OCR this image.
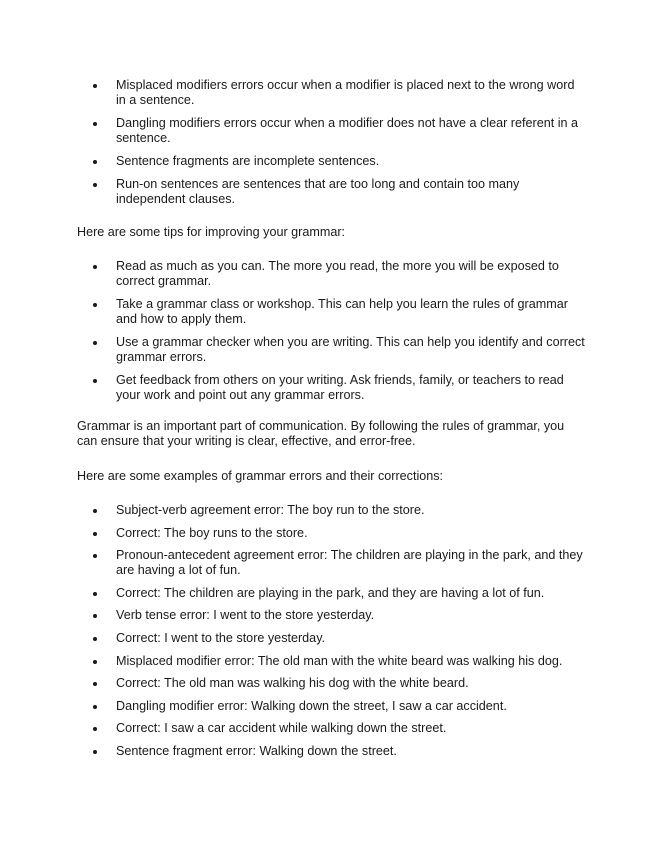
Misplaced modifiers errors occur when a modifier is placed next to the wrong word in a sentence.
Dangling modifiers errors occur when a modifier does not have a clear referent in a sentence.
Sentence fragments are incomplete sentences.
Run-on sentences are sentences that are too long and contain too many independent clauses.

Here are some tips for improving your grammar:

Read as much as you can. The more you read, the more you will be exposed to correct grammar.
Take a grammar class or workshop. This can help you learn the rules of grammar and how to apply them.
Use a grammar checker when you are writing. This can help you identify and correct grammar errors.
Get feedback from others on your writing. Ask friends, family, or teachers to read your work and point out any grammar errors.

Grammar is an important part of communication. By following the rules of grammar, you can ensure that your writing is clear, effective, and error-free.

Here are some examples of grammar errors and their corrections:

Subject-verb agreement error: The boy run to the store.
Correct: The boy runs to the store.
Pronoun-antecedent agreement error: The children are playing in the park, and they are having a lot of fun.
Correct: The children are playing in the park, and they are having a lot of fun.
Verb tense error: I went to the store yesterday.
Correct: I went to the store yesterday.
Misplaced modifier error: The old man with the white beard was walking his dog.
Correct: The old man was walking his dog with the white beard.
Dangling modifier error: Walking down the street, I saw a car accident.
Correct: I saw a car accident while walking down the street.
Sentence fragment error: Walking down the street.
